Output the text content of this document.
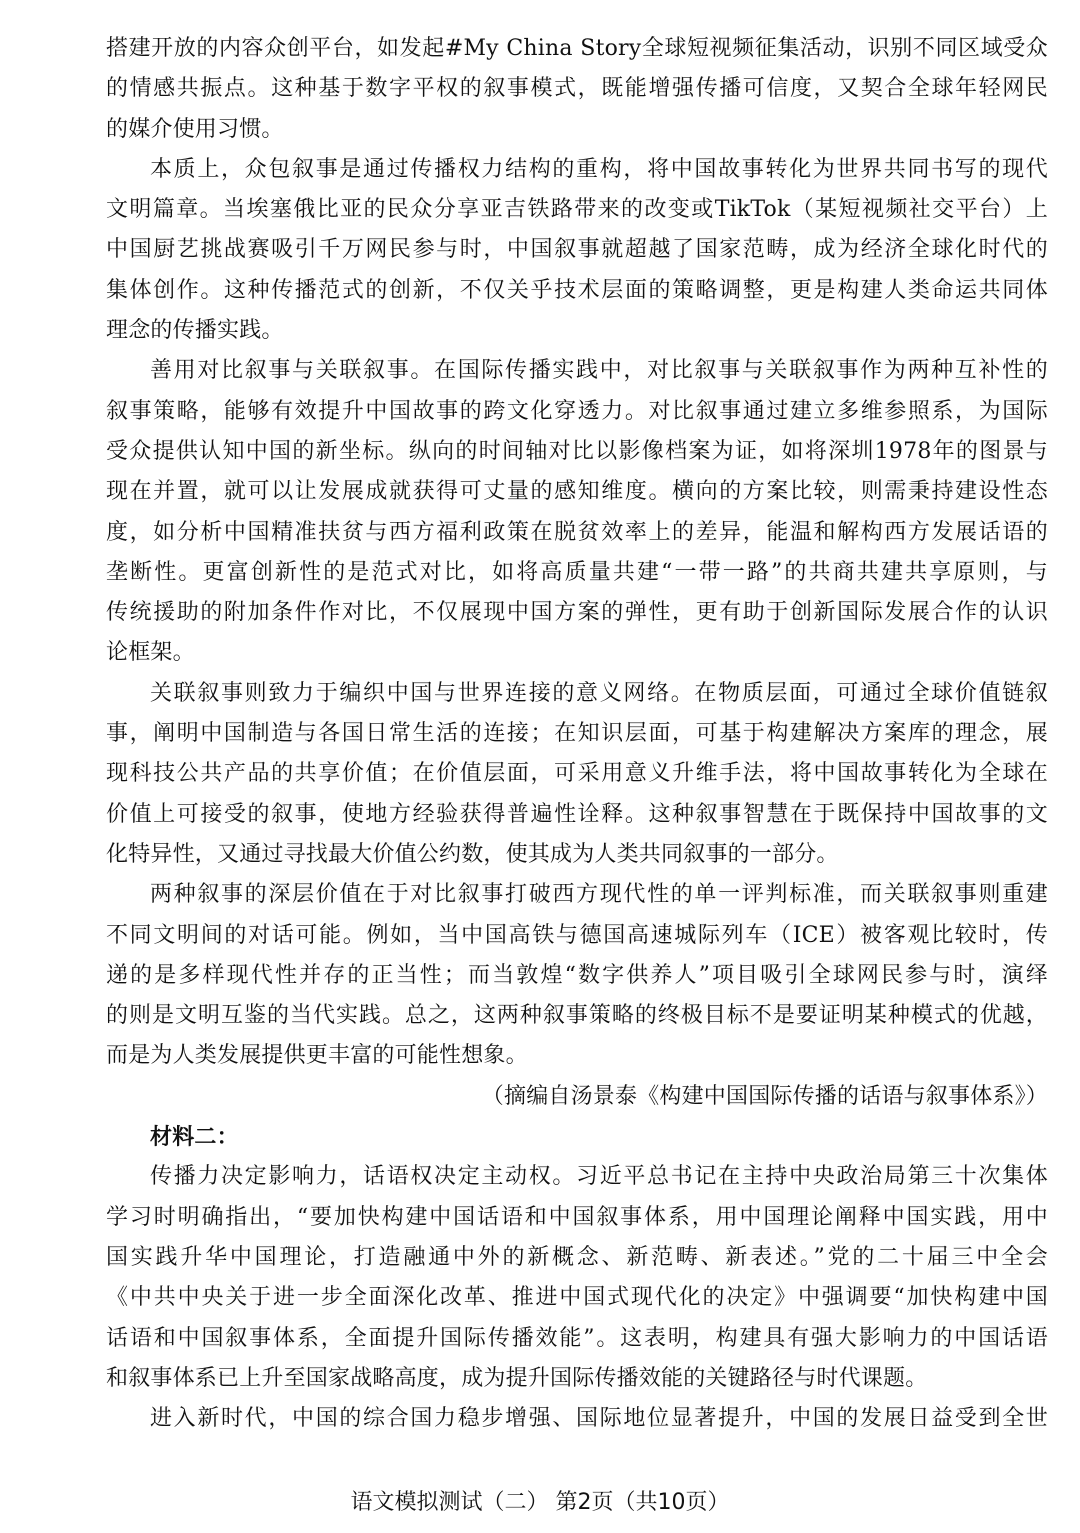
搭建开放的内容众创平台，如发起#My China Story全球短视频征集活动，识别不同区域受众
的情感共振点。这种基于数字平权的叙事模式，既能增强传播可信度，又契合全球年轻网民
的媒介使用习惯。
本质上，众包叙事是通过传播权力结构的重构，将中国故事转化为世界共同书写的现代
文明篇章。当埃塞俄比亚的民众分享亚吉铁路带来的改变或TikTok（某短视频社交平台）上
中国厨艺挑战赛吸引千万网民参与时，中国叙事就超越了国家范畴，成为经济全球化时代的
集体创作。这种传播范式的创新，不仅关乎技术层面的策略调整，更是构建人类命运共同体
理念的传播实践。
善用对比叙事与关联叙事。在国际传播实践中，对比叙事与关联叙事作为两种互补性的
叙事策略，能够有效提升中国故事的跨文化穿透力。对比叙事通过建立多维参照系，为国际
受众提供认知中国的新坐标。纵向的时间轴对比以影像档案为证，如将深圳1978年的图景与
现在并置，就可以让发展成就获得可丈量的感知维度。横向的方案比较，则需秉持建设性态
度，如分析中国精准扶贫与西方福利政策在脱贫效率上的差异，能温和解构西方发展话语的
垄断性。更富创新性的是范式对比，如将高质量共建“一带一路”的共商共建共享原则，与
传统援助的附加条件作对比，不仅展现中国方案的弹性，更有助于创新国际发展合作的认识
论框架。
关联叙事则致力于编织中国与世界连接的意义网络。在物质层面，可通过全球价值链叙
事，阐明中国制造与各国日常生活的连接；在知识层面，可基于构建解决方案库的理念，展
现科技公共产品的共享价值；在价值层面，可采用意义升维手法，将中国故事转化为全球在
价值上可接受的叙事，使地方经验获得普遍性诠释。这种叙事智慧在于既保持中国故事的文
化特异性，又通过寻找最大价值公约数，使其成为人类共同叙事的一部分。
两种叙事的深层价值在于对比叙事打破西方现代性的单一评判标准，而关联叙事则重建
不同文明间的对话可能。例如，当中国高铁与德国高速城际列车（ICE）被客观比较时，传
递的是多样现代性并存的正当性；而当敦煌“数字供养人”项目吸引全球网民参与时，演绎
的则是文明互鉴的当代实践。总之，这两种叙事策略的终极目标不是要证明某种模式的优越，
而是为人类发展提供更丰富的可能性想象。
（摘编自汤景泰《构建中国国际传播的话语与叙事体系》）
材料二：
传播力决定影响力，话语权决定主动权。习近平总书记在主持中央政治局第三十次集体
学习时明确指出，“要加快构建中国话语和中国叙事体系，用中国理论阐释中国实践，用中
国实践升华中国理论，打造融通中外的新概念、新范畴、新表述。”党的二十届三中全会
《中共中央关于进一步全面深化改革、推进中国式现代化的决定》中强调要“加快构建中国
话语和中国叙事体系，全面提升国际传播效能”。这表明，构建具有强大影响力的中国话语
和叙事体系已上升至国家战略高度，成为提升国际传播效能的关键路径与时代课题。
进入新时代，中国的综合国力稳步增强、国际地位显著提升，中国的发展日益受到全世
语文模拟测试（二） 第2页（共10页）
